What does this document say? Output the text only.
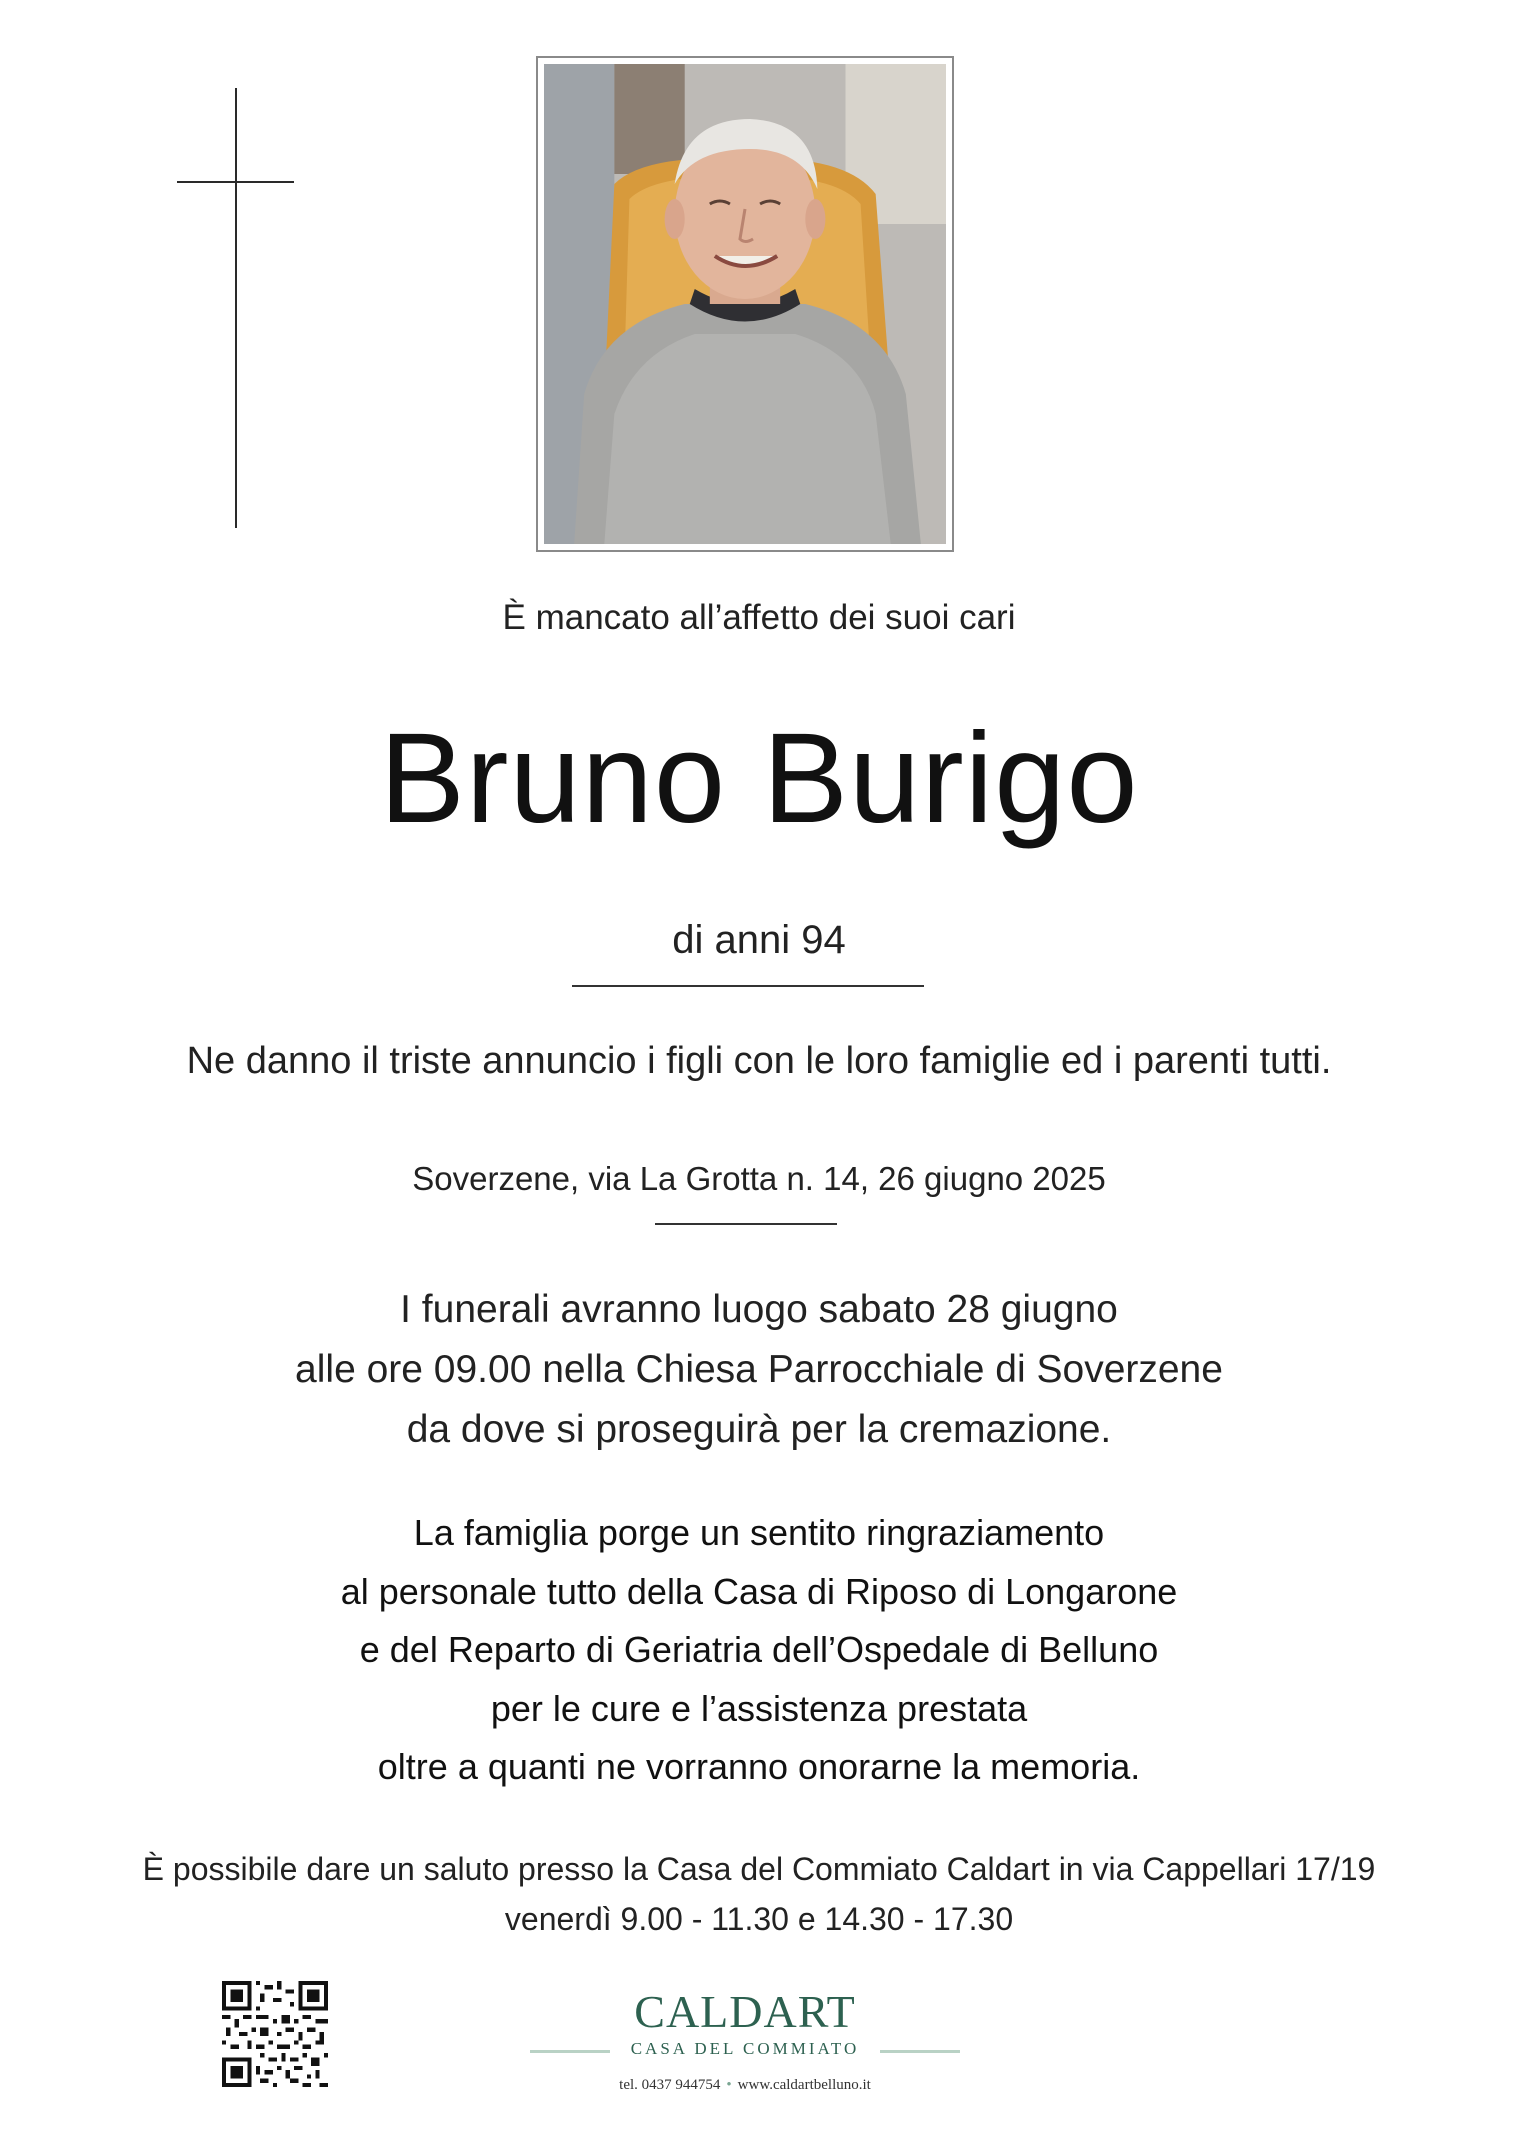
È mancato all’affetto dei suoi cari
Bruno Burigo
di anni 94
Ne danno il triste annuncio i figli con le loro famiglie ed i parenti tutti.
Soverzene, via La Grotta n. 14, 26 giugno 2025
I funerali avranno luogo sabato 28 giugno
alle ore 09.00 nella Chiesa Parrocchiale di Soverzene
da dove si proseguirà per la cremazione.
La famiglia porge un sentito ringraziamento
al personale tutto della Casa di Riposo di Longarone
e del Reparto di Geriatria dell’Ospedale di Belluno
per le cure e l’assistenza prestata
oltre a quanti ne vorranno onorarne la memoria.
È possibile dare un saluto presso la Casa del Commiato Caldart in via Cappellari 17/19
venerdì 9.00 - 11.30 e 14.30 - 17.30
CALDART
CASA DEL COMMIATO
tel. 0437 944754 • www.caldartbelluno.it
